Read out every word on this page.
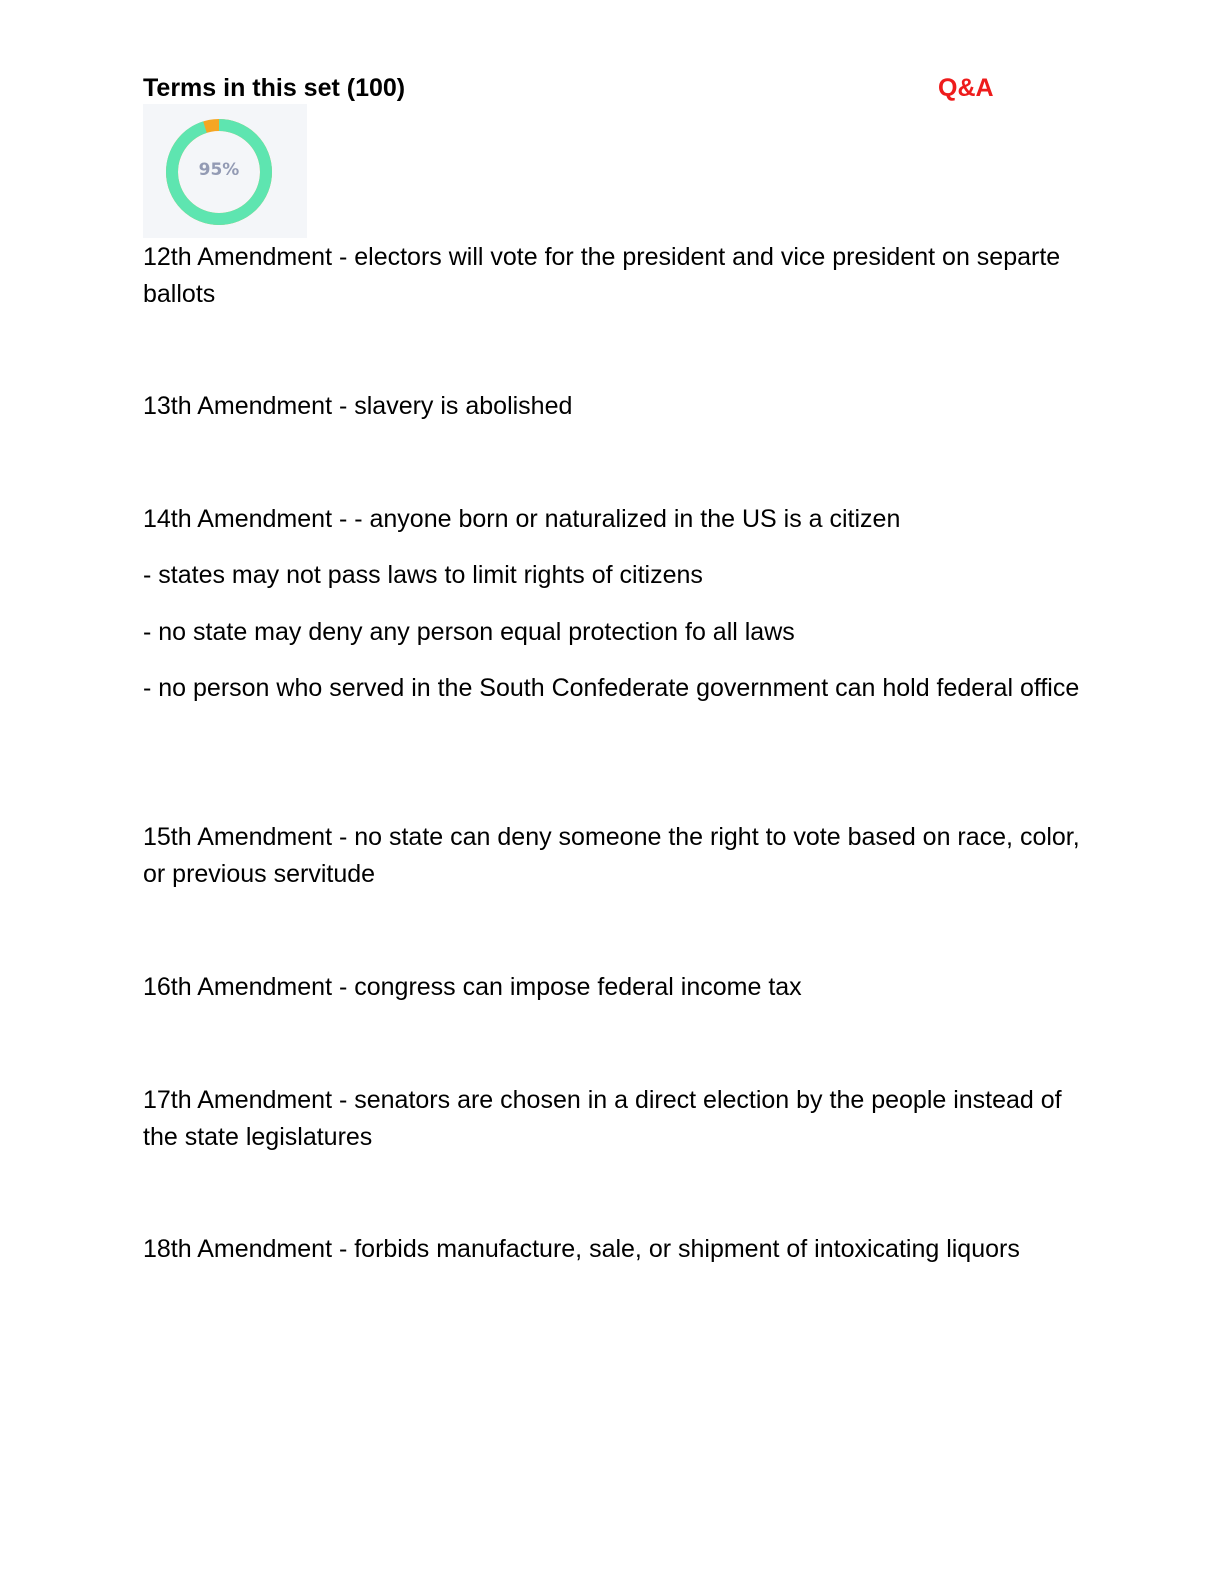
Terms in this set (100)	Q&A
95%

12th Amendment - electors will vote for the president and vice president on separte ballots

13th Amendment - slavery is abolished

14th Amendment - - anyone born or naturalized in the US is a citizen

- states may not pass laws to limit rights of citizens

- no state may deny any person equal protection fo all laws

- no person who served in the South Confederate government can hold federal office

15th Amendment - no state can deny someone the right to vote based on race, color, or previous servitude

16th Amendment - congress can impose federal income tax

17th Amendment - senators are chosen in a direct election by the people instead of the state legislatures

18th Amendment - forbids manufacture, sale, or shipment of intoxicating liquors
